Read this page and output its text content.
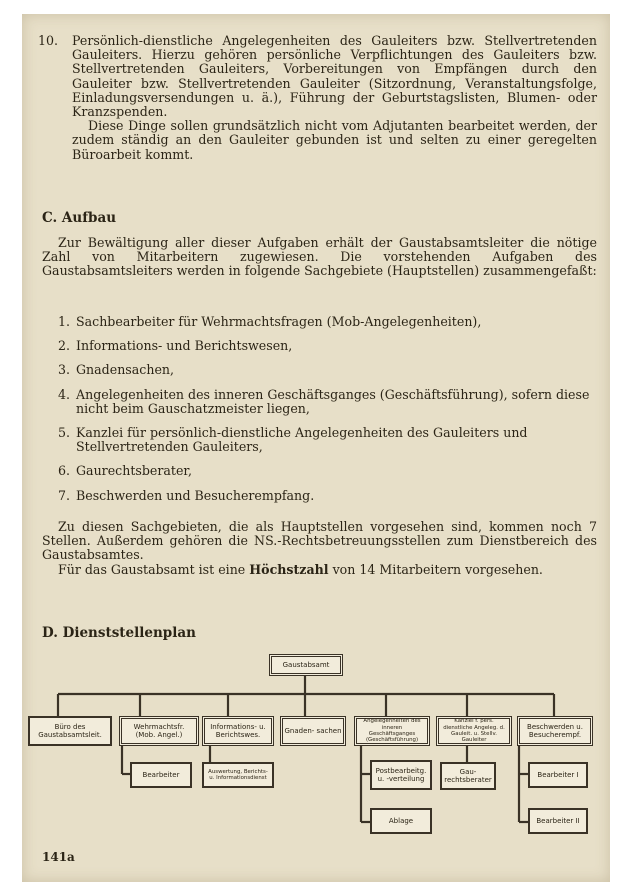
10. Persönlich-dienstliche Angelegenheiten des Gauleiters bzw. Stellvertretenden Gauleiters. Hierzu gehören persönliche Verpflichtungen des Gauleiters bzw. Stellvertretenden Gauleiters, Vorbereitungen von Empfängen durch den Gauleiter bzw. Stellvertretenden Gauleiter (Sitzordnung, Veranstaltungsfolge, Einladungsversendungen u. ä.), Führung der Geburtstagslisten, Blumen- oder Kranzspenden.
Diese Dinge sollen grundsätzlich nicht vom Adjutanten bearbeitet werden, der zudem ständig an den Gauleiter gebunden ist und selten zu einer geregelten Büroarbeit kommt.
C. Aufbau
Zur Bewältigung aller dieser Aufgaben erhält der Gaustabsamtsleiter die nötige Zahl von Mitarbeitern zugewiesen. Die vorstehenden Aufgaben des Gaustabsamtsleiters werden in folgende Sachgebiete (Hauptstellen) zusammengefaßt:
1. Sachbearbeiter für Wehrmachtsfragen (Mob-Angelegenheiten),
2. Informations- und Berichtswesen,
3. Gnadensachen,
4. Angelegenheiten des inneren Geschäftsganges (Geschäftsführung), sofern diese nicht beim Gauschatzmeister liegen,
5. Kanzlei für persönlich-dienstliche Angelegenheiten des Gauleiters und Stellvertretenden Gauleiters,
6. Gaurechtsberater,
7. Beschwerden und Besucherempfang.

Zu diesen Sachgebieten, die als Hauptstellen vorgesehen sind, kommen noch 7 Stellen. Außerdem gehören die NS.-Rechtsbetreuungsstellen zum Dienstbereich des Gaustabsamtes.

Für das Gaustabsamt ist eine Höchstzahl von 14 Mitarbeitern vorgesehen.

D. Dienststellenplan
Gaustabsamt
Büro des Gaustabsamtsleit.
Wehrmachtsfr. (Mob. Angel.)
Informations- u. Berichtswes.	Gnaden- sachen
Angelegenheiten des inneren Geschäftsganges (Geschäftsführung)
Kanzlei f. pers. dienstliche Angeleg. d. Gauleit. u. Stellv. Gauleiter
Beschwerden u. Besucherempf.
Bearbeiter	Auswertung, Berichts- u. Informationsdienst
Postbearbeitg. u. -verteilung
Ablage
Gau- rechtsberater
Bearbeiter I
Bearbeiter II
141a
